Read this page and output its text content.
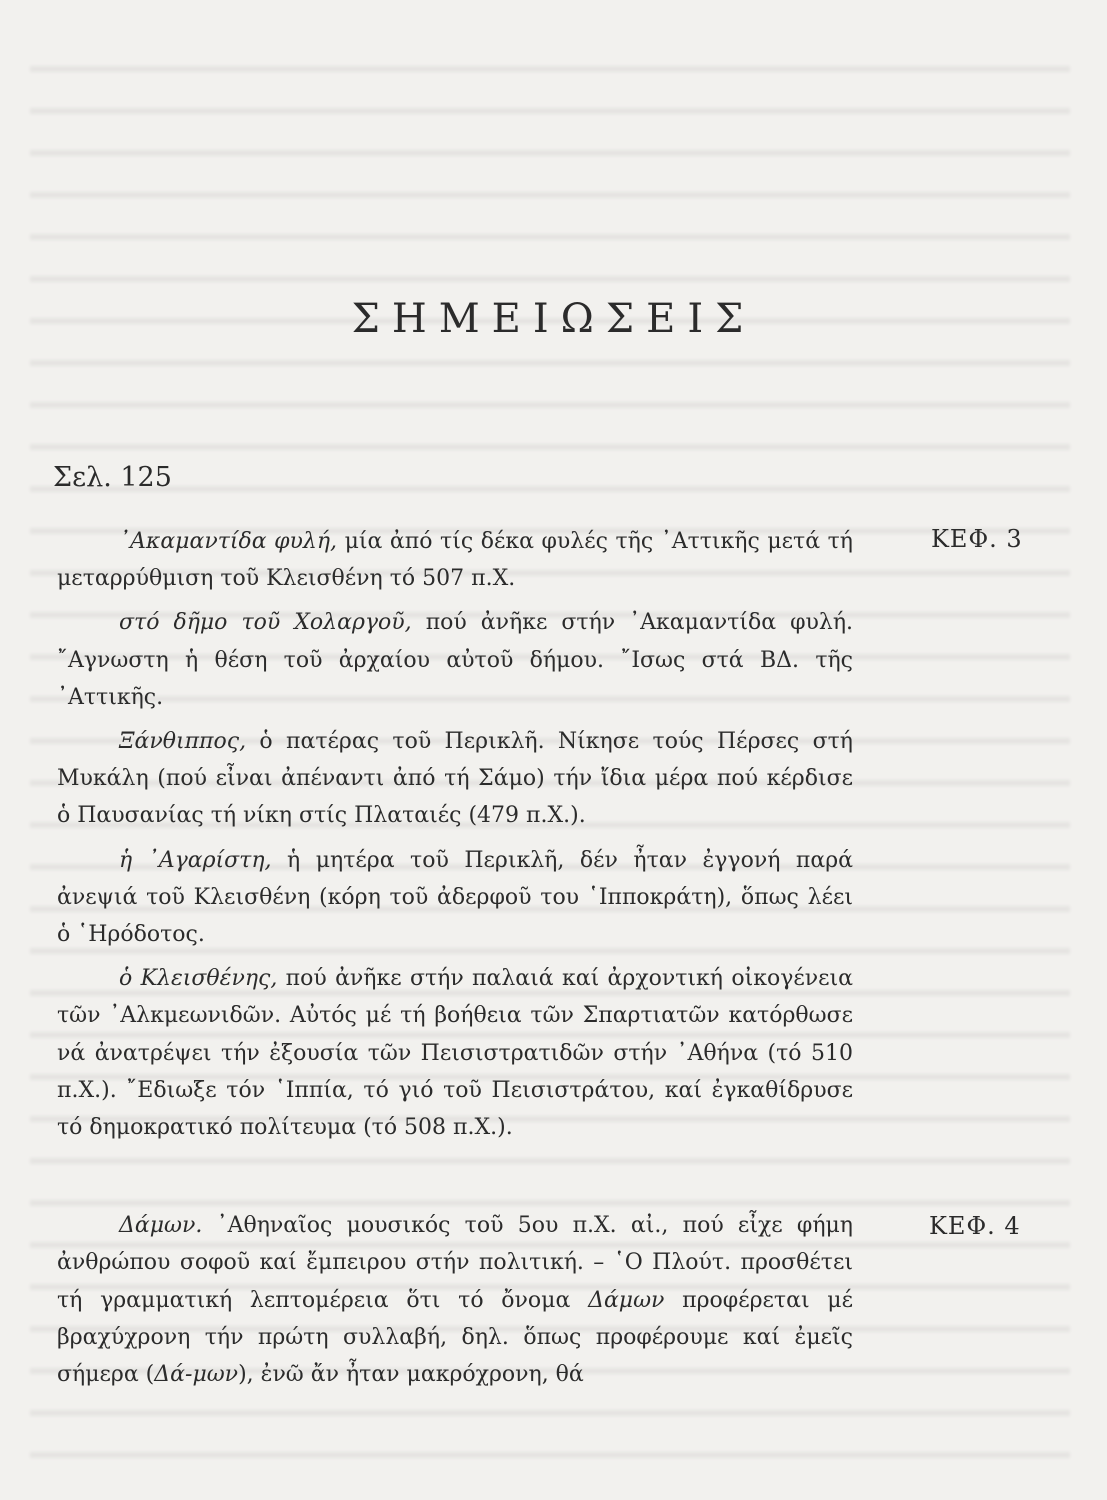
ΣΗΜΕΙΩΣΕΙΣ
Σελ. 125
ΚΕΦ. 3
ΚΕΦ. 4

᾿Ακαμαντίδα φυλή, μία ἀπό τίς δέκα φυλές τῆς ᾿Αττικῆς μετά τή μεταρρύθμιση τοῦ Κλεισθένη τό 507 π.Χ.

στό δῆμο τοῦ Χολαργοῦ, πού ἀνῆκε στήν ᾿Ακαμαντίδα φυλή. ῎Αγνωστη ἡ θέση τοῦ ἀρχαίου αὐτοῦ δήμου. ῎Ισως στά ΒΔ. τῆς ᾿Αττικῆς.

Ξάνθιππος, ὁ πατέρας τοῦ Περικλῆ. Νίκησε τούς Πέρσες στή Μυκάλη (πού εἶναι ἀπέναντι ἀπό τή Σάμο) τήν ἴδια μέρα πού κέρδισε ὁ Παυσανίας τή νίκη στίς Πλαταιές (479 π.Χ.).

ἡ ᾿Αγαρίστη, ἡ μητέρα τοῦ Περικλῆ, δέν ἦταν ἐγγονή παρά ἀνεψιά τοῦ Κλεισθένη (κόρη τοῦ ἀδερφοῦ του ῾Ιπποκράτη), ὅπως λέει ὁ ῾Ηρόδοτος.

ὁ Κλεισθένης, πού ἀνῆκε στήν παλαιά καί ἀρχοντική οἰκογένεια τῶν ᾿Αλκμεωνιδῶν. Αὐτός μέ τή βοήθεια τῶν Σπαρτιατῶν κατόρθωσε νά ἀνατρέψει τήν ἐξουσία τῶν Πεισιστρατιδῶν στήν ᾿Αθήνα (τό 510 π.Χ.). ῎Εδιωξε τόν ῾Ιππία, τό γιό τοῦ Πεισιστράτου, καί ἐγκαθίδρυσε τό δημοκρατικό πολίτευμα (τό 508 π.Χ.).

Δάμων. ᾿Αθηναῖος μουσικός τοῦ 5ου π.Χ. αἰ., πού εἶχε φήμη ἀνθρώπου σοφοῦ καί ἔμπειρου στήν πολιτική. – ῾Ο Πλούτ. προσθέτει τή γραμματική λεπτομέρεια ὅτι τό ὄνομα Δάμων προφέρεται μέ βραχύχρονη τήν πρώτη συλλαβή, δηλ. ὅπως προφέρουμε καί ἐμεῖς σήμερα (Δά-μων), ἐνῶ ἄν ἦταν μακρόχρονη, θά
